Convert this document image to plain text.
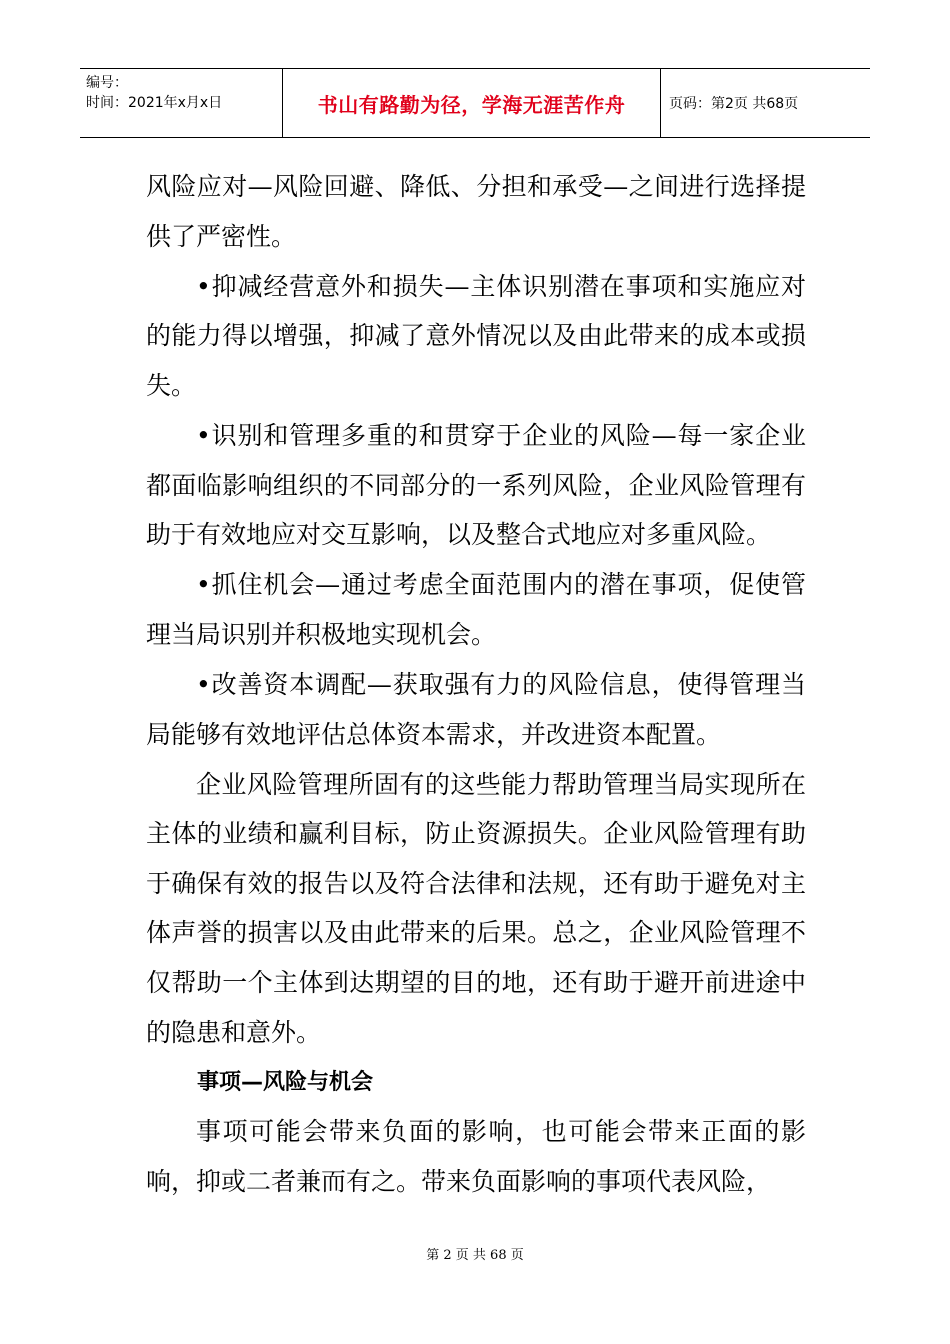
编号：
时间：2021年x月x日	书山有路勤为径，学海无涯苦作舟	页码：第2页 共68页

风险应对—风险回避、降低、分担和承受—之间进行选择提供了严密性。

•抑减经营意外和损失—主体识别潜在事项和实施应对的能力得以增强，抑减了意外情况以及由此带来的成本或损失。

•识别和管理多重的和贯穿于企业的风险—每一家企业都面临影响组织的不同部分的一系列风险，企业风险管理有助于有效地应对交互影响，以及整合式地应对多重风险。

•抓住机会—通过考虑全面范围内的潜在事项，促使管理当局识别并积极地实现机会。

•改善资本调配—获取强有力的风险信息，使得管理当局能够有效地评估总体资本需求，并改进资本配置。

企业风险管理所固有的这些能力帮助管理当局实现所在主体的业绩和赢利目标，防止资源损失。企业风险管理有助于确保有效的报告以及符合法律和法规，还有助于避免对主体声誉的损害以及由此带来的后果。总之，企业风险管理不仅帮助一个主体到达期望的目的地，还有助于避开前进途中的隐患和意外。

事项—风险与机会

事项可能会带来负面的影响，也可能会带来正面的影响，抑或二者兼而有之。带来负面影响的事项代表风险，

第 2 页 共 68 页
